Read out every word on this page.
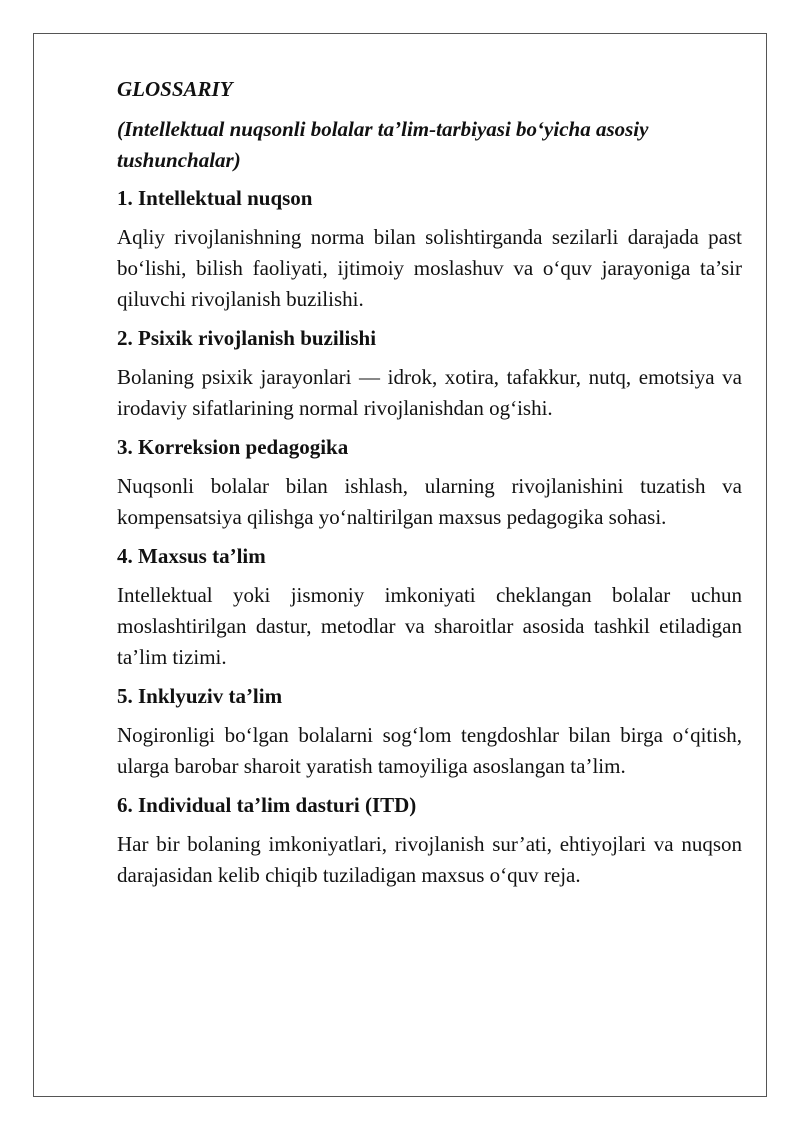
GLOSSARIY
(Intellektual nuqsonli bolalar ta’lim-tarbiyasi bo‘yicha asosiy tushunchalar)
1. Intellektual nuqson
Aqliy rivojlanishning norma bilan solishtirganda sezilarli darajada past bo‘lishi, bilish faoliyati, ijtimoiy moslashuv va o‘quv jarayoniga ta’sir qiluvchi rivojlanish buzilishi.
2. Psixik rivojlanish buzilishi
Bolaning psixik jarayonlari — idrok, xotira, tafakkur, nutq, emotsiya va irodaviy sifatlarining normal rivojlanishdan og‘ishi.
3. Korreksion pedagogika
Nuqsonli bolalar bilan ishlash, ularning rivojlanishini tuzatish va kompensatsiya qilishga yo‘naltirilgan maxsus pedagogika sohasi.
4. Maxsus ta’lim
Intellektual yoki jismoniy imkoniyati cheklangan bolalar uchun moslashtirilgan dastur, metodlar va sharoitlar asosida tashkil etiladigan ta’lim tizimi.
5. Inklyuziv ta’lim
Nogironligi bo‘lgan bolalarni sog‘lom tengdoshlar bilan birga o‘qitish, ularga barobar sharoit yaratish tamoyiliga asoslangan ta’lim.
6. Individual ta’lim dasturi (ITD)
Har bir bolaning imkoniyatlari, rivojlanish sur’ati, ehtiyojlari va nuqson darajasidan kelib chiqib tuziladigan maxsus o‘quv reja.
